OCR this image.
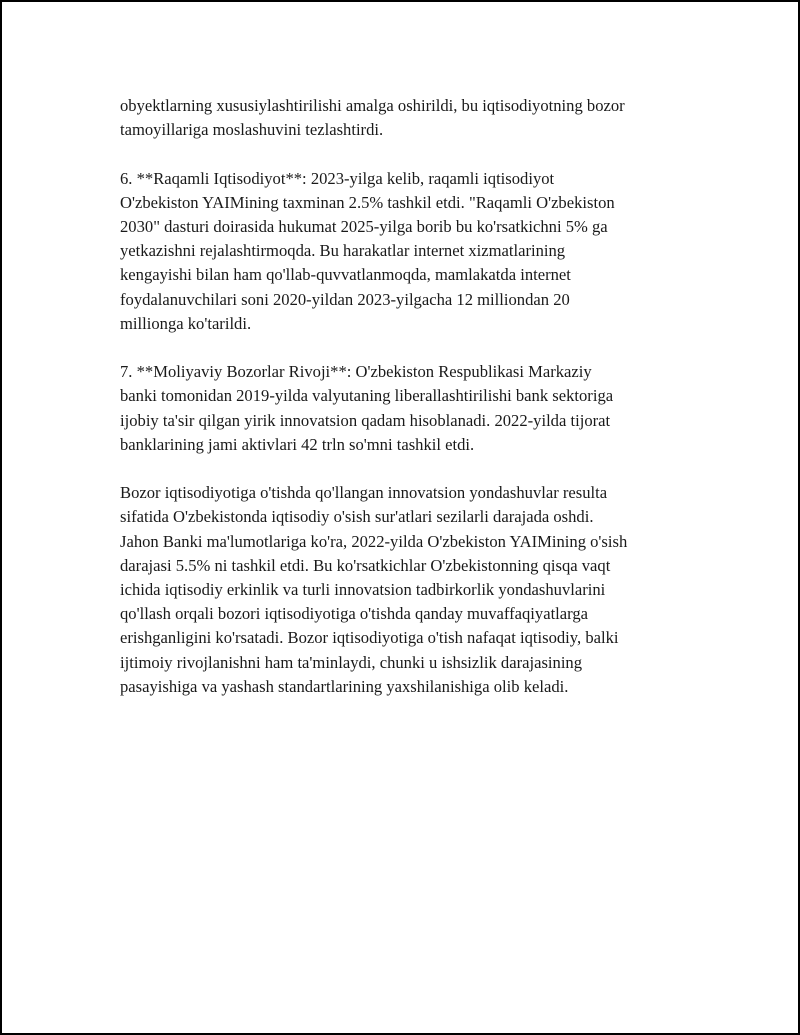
obyektlarning xususiylashtirilishi amalga oshirildi, bu iqtisodiyotning bozor
tamoyillariga moslashuvini tezlashtirdi.

6. **Raqamli Iqtisodiyot**: 2023-yilga kelib, raqamli iqtisodiyot
O'zbekiston YAIMining taxminan 2.5% tashkil etdi. "Raqamli O'zbekiston
2030" dasturi doirasida hukumat 2025-yilga borib bu ko'rsatkichni 5% ga
yetkazishni rejalashtirmoqda. Bu harakatlar internet xizmatlarining
kengayishi bilan ham qo'llab-quvvatlanmoqda, mamlakatda internet
foydalanuvchilari soni 2020-yildan 2023-yilgacha 12 milliondan 20
millionga ko'tarildi.

7. **Moliyaviy Bozorlar Rivoji**: O'zbekiston Respublikasi Markaziy
banki tomonidan 2019-yilda valyutaning liberallashtirilishi bank sektoriga
ijobiy ta'sir qilgan yirik innovatsion qadam hisoblanadi. 2022-yilda tijorat
banklarining jami aktivlari 42 trln so'mni tashkil etdi.

Bozor iqtisodiyotiga o'tishda qo'llangan innovatsion yondashuvlar resulta
sifatida O'zbekistonda iqtisodiy o'sish sur'atlari sezilarli darajada oshdi.
Jahon Banki ma'lumotlariga ko'ra, 2022-yilda O'zbekiston YAIMining o'sish
darajasi 5.5% ni tashkil etdi. Bu ko'rsatkichlar O'zbekistonning qisqa vaqt
ichida iqtisodiy erkinlik va turli innovatsion tadbirkorlik yondashuvlarini
qo'llash orqali bozori iqtisodiyotiga o'tishda qanday muvaffaqiyatlarga
erishganligini ko'rsatadi. Bozor iqtisodiyotiga o'tish nafaqat iqtisodiy, balki
ijtimoiy rivojlanishni ham ta'minlaydi, chunki u ishsizlik darajasining
pasayishiga va yashash standartlarining yaxshilanishiga olib keladi.
